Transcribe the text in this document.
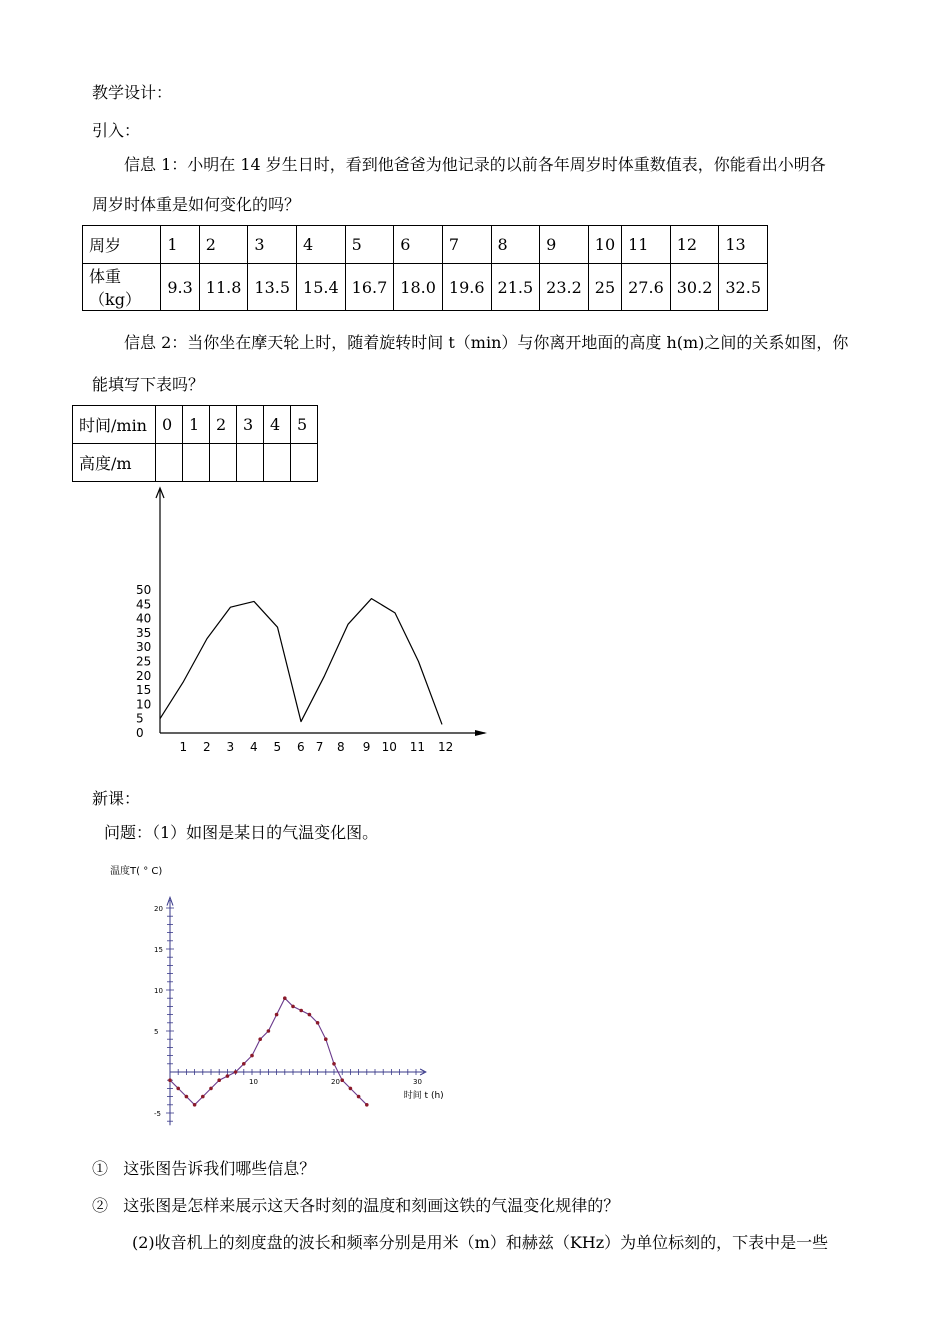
教学设计：
引入：
信息 1：小明在 14 岁生日时，看到他爸爸为他记录的以前各年周岁时体重数值表，你能看出小明各
周岁时体重是如何变化的吗？
周岁	1	2	3	4	5	6	7	8	9	10	11	12	13
体重（kg）	9.3	11.8	13.5	15.4	16.7	18.0	19.6	21.5	23.2	25	27.6	30.2	32.5
信息 2：当你坐在摩天轮上时，随着旋转时间 t（min）与你离开地面的高度 h(m)之间的关系如图，你
能填写下表吗？
时间/min	0	1	2	3	4	5
高度/m						
0
5
10
15
20
25
30
35
40
45
50
1 2 3 4 5 6 7 8 9 10 11 12
新课：
问题：（1）如图是某日的气温变化图。
温度T( ° C)
-5
5
10
15
20
10	20	30
时间 t (h)
① 这张图告诉我们哪些信息？
② 这张图是怎样来展示这天各时刻的温度和刻画这铁的气温变化规律的？
(2)收音机上的刻度盘的波长和频率分别是用米（m）和赫兹（KHz）为单位标刻的，下表中是一些
